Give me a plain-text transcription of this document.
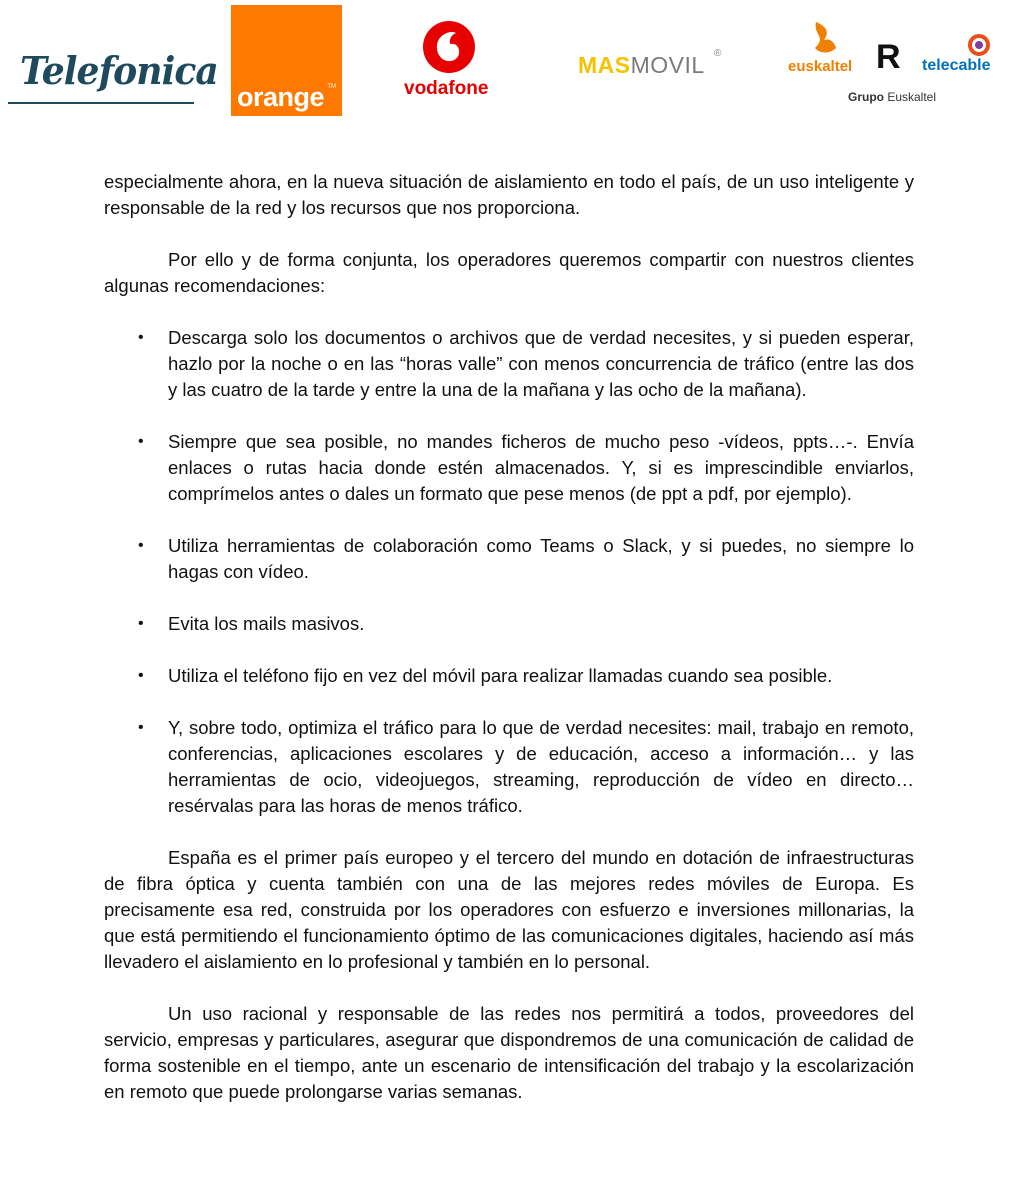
Telefonica
orange TM	vodafone
MASMOVIL ®
euskaltel R telecable
Grupo Euskaltel

especialmente ahora, en la nueva situación de aislamiento en todo el país, de un uso inteligente y responsable de la red y los recursos que nos proporciona.

Por ello y de forma conjunta, los operadores queremos compartir con nuestros clientes algunas recomendaciones:

• Descarga solo los documentos o archivos que de verdad necesites, y si pueden esperar, hazlo por la noche o en las “horas valle” con menos concurrencia de tráfico (entre las dos y las cuatro de la tarde y entre la una de la mañana y las ocho de la mañana).
• Siempre que sea posible, no mandes ficheros de mucho peso -vídeos, ppts…-. Envía enlaces o rutas hacia donde estén almacenados. Y, si es imprescindible enviarlos, comprímelos antes o dales un formato que pese menos (de ppt a pdf, por ejemplo).
• Utiliza herramientas de colaboración como Teams o Slack, y si puedes, no siempre lo hagas con vídeo.
• Evita los mails masivos.
• Utiliza el teléfono fijo en vez del móvil para realizar llamadas cuando sea posible.
• Y, sobre todo, optimiza el tráfico para lo que de verdad necesites: mail, trabajo en remoto, conferencias, aplicaciones escolares y de educación, acceso a información… y las herramientas de ocio, videojuegos, streaming, reproducción de vídeo en directo… resérvalas para las horas de menos tráfico.

España es el primer país europeo y el tercero del mundo en dotación de infraestructuras de fibra óptica y cuenta también con una de las mejores redes móviles de Europa. Es precisamente esa red, construida por los operadores con esfuerzo e inversiones millonarias, la que está permitiendo el funcionamiento óptimo de las comunicaciones digitales, haciendo así más llevadero el aislamiento en lo profesional y también en lo personal.

Un uso racional y responsable de las redes nos permitirá a todos, proveedores del servicio, empresas y particulares, asegurar que dispondremos de una comunicación de calidad de forma sostenible en el tiempo, ante un escenario de intensificación del trabajo y la escolarización en remoto que puede prolongarse varias semanas.
